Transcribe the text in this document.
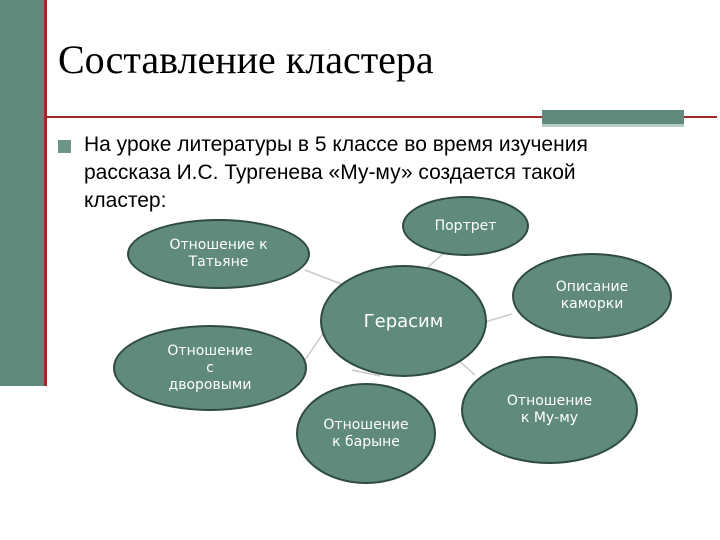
Составление кластера
На уроке литературы в 5 классе во время изучения
рассказа И.С. Тургенева «Му-му» создается такой
кластер:
Герасим
Портрет
Отношение к
Татьяне
Описание
каморки
Отношение
с
дворовыми
Отношение
к Му-му
Отношение
к барыне
